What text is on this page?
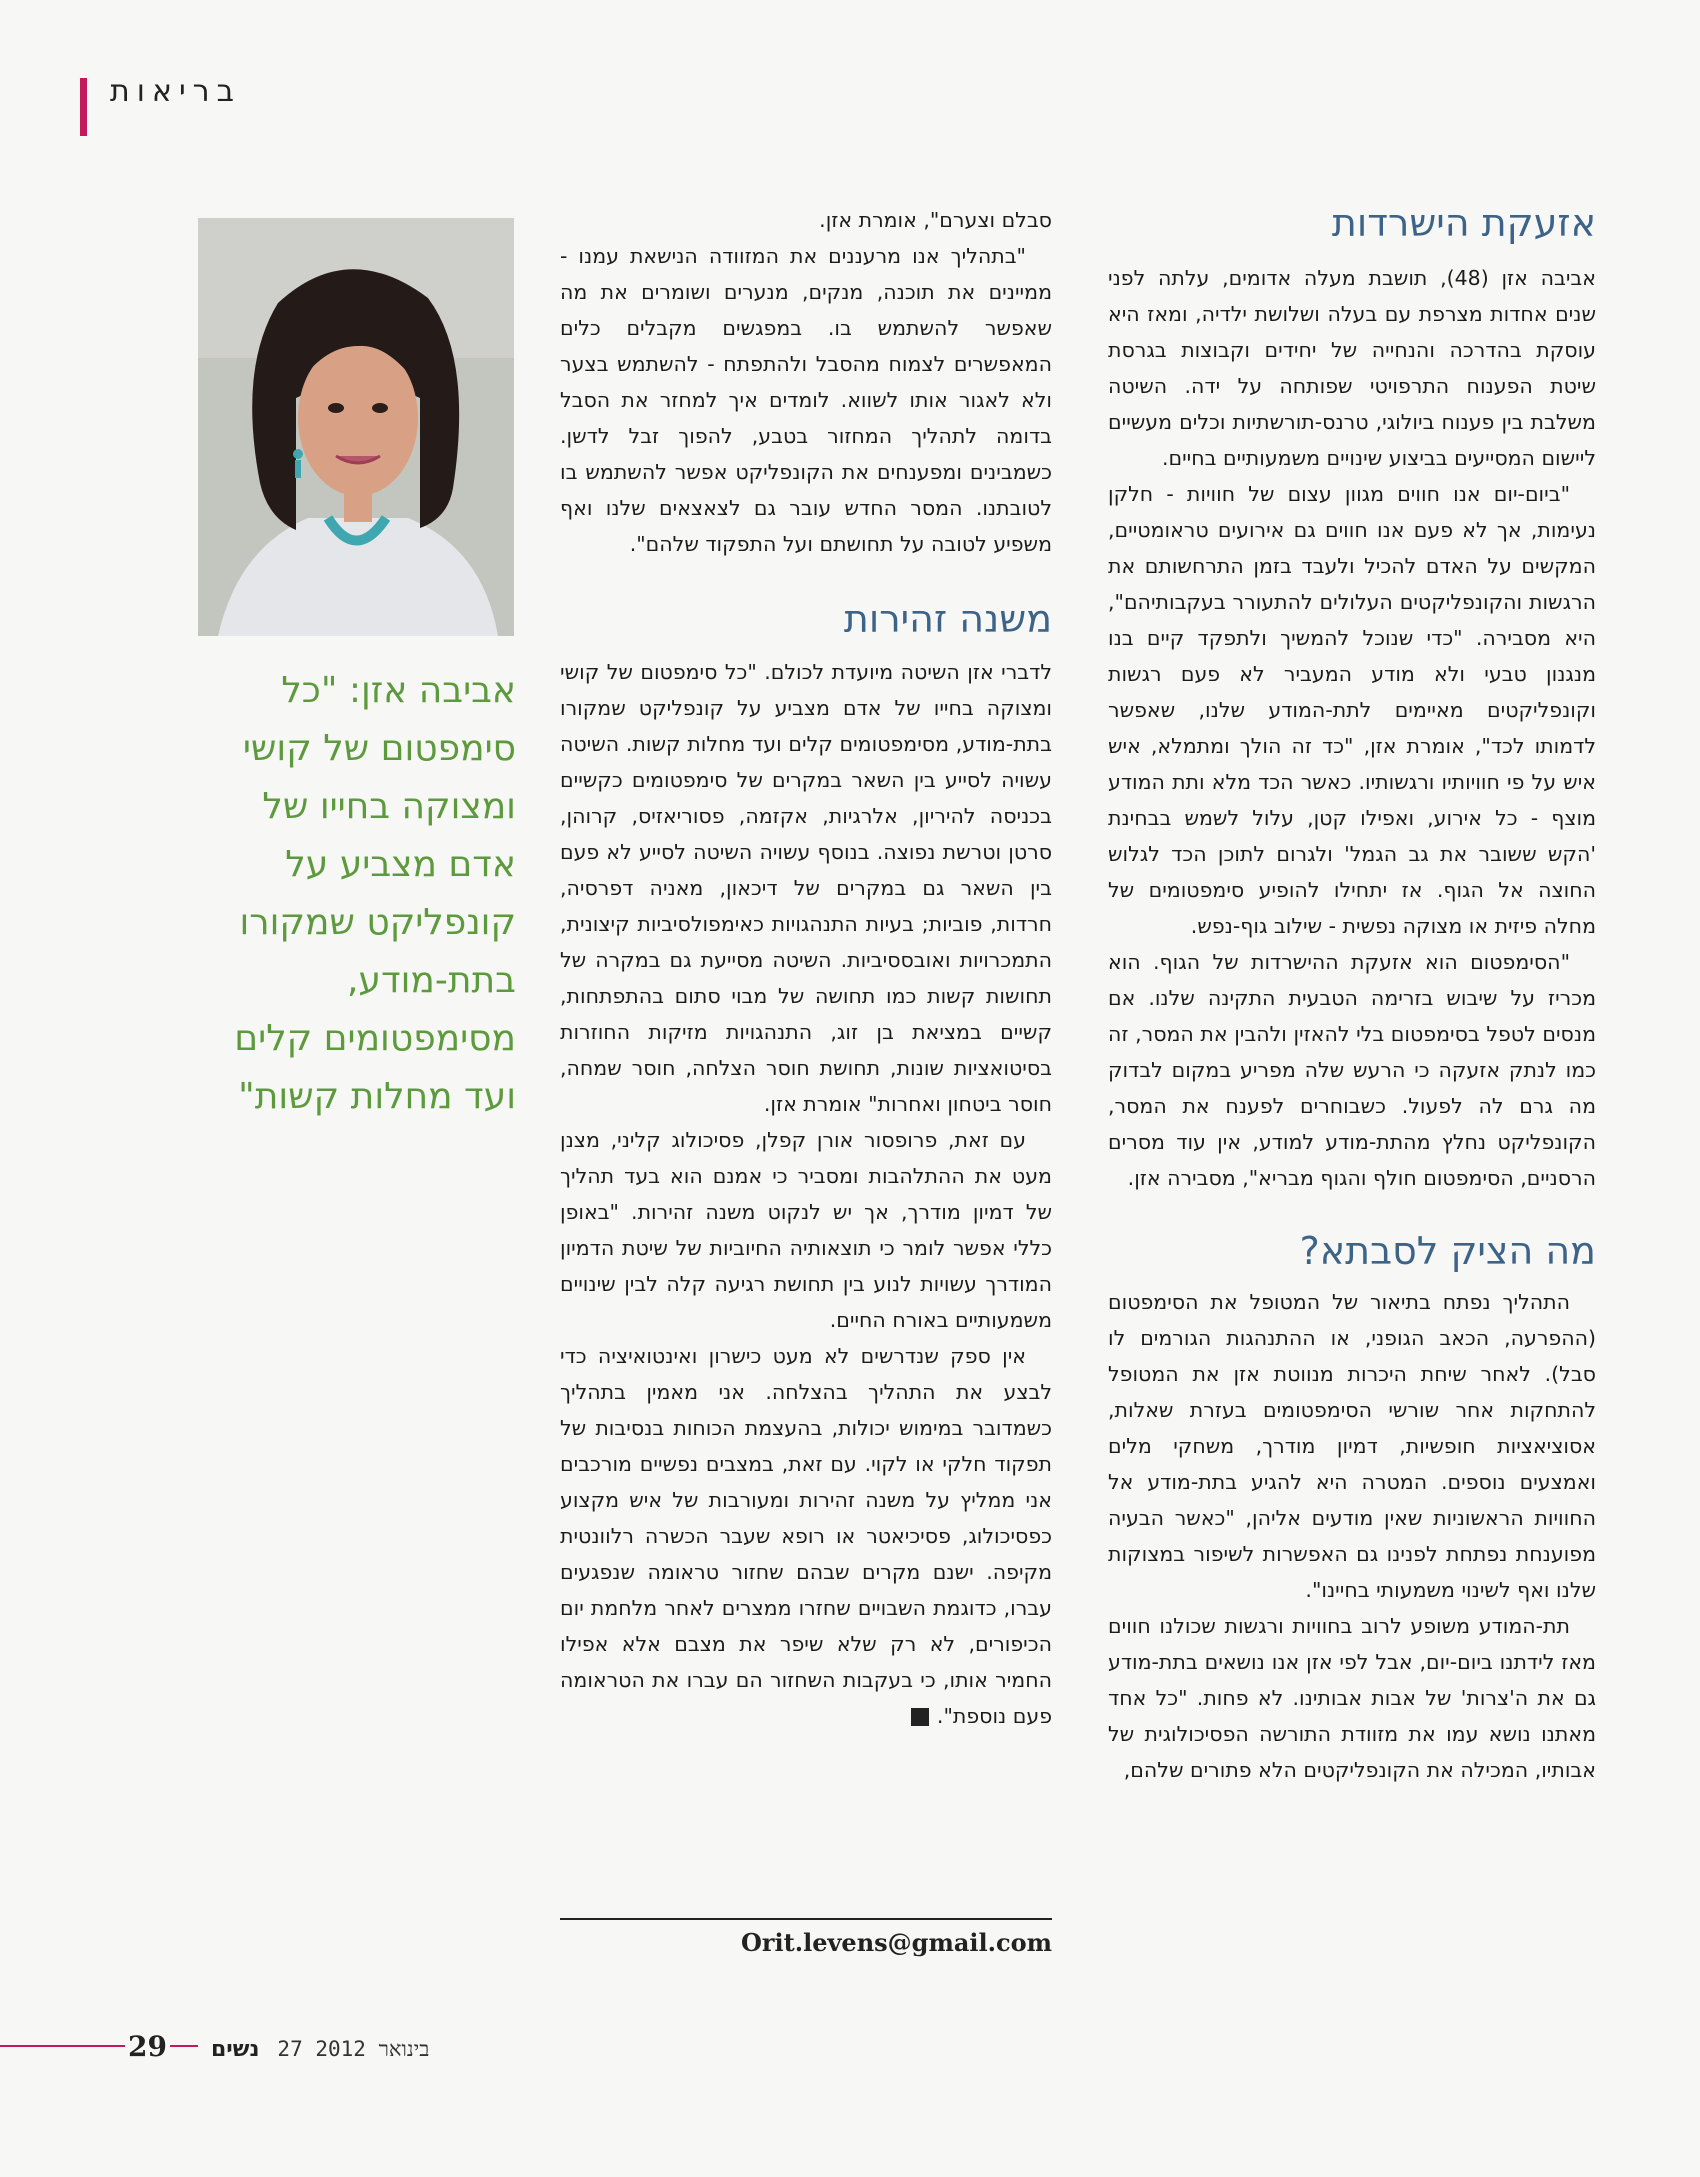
בריאות
אביבה אזן: "כל סימפטום של קושי ומצוקה בחייו של אדם מצביע על קונפליקט שמקורו בתת-מודע, מסימפטומים קלים ועד מחלות קשות"
אזעקת הישרדות

אביבה אזן (48), תושבת מעלה אדומים, עלתה לפני שנים אחדות מצרפת עם בעלה ושלושת ילדיה, ומאז היא עוסקת בהדרכה והנחייה של יחידים וקבוצות בגרסת שיטת הפענוח התרפויטי שפותחה על ידה. השיטה משלבת בין פענוח ביולוגי, טרנס-תורשתיות וכלים מעשיים ליישום המסייעים בביצוע שינויים משמעותיים בחיים.

"ביום-יום אנו חווים מגוון עצום של חוויות - חלקן נעימות, אך לא פעם אנו חווים גם אירועים טראומטיים, המקשים על האדם להכיל ולעבד בזמן התרחשותם את הרגשות והקונפליקטים העלולים להתעורר בעקבותיהם", היא מסבירה. "כדי שנוכל להמשיך ולתפקד קיים בנו מנגנון טבעי ולא מודע המעביר לא פעם רגשות וקונפליקטים מאיימים לתת-המודע שלנו, שאפשר לדמותו לכד", אומרת אזן, "כד זה הולך ומתמלא, איש איש על פי חוויותיו ורגשותיו. כאשר הכד מלא ותת המודע מוצף - כל אירוע, ואפילו קטן, עלול לשמש בבחינת 'הקש ששובר את גב הגמל' ולגרום לתוכן הכד לגלוש החוצה אל הגוף. אז יתחילו להופיע סימפטומים של מחלה פיזית או מצוקה נפשית - שילוב גוף-נפש.

"הסימפטום הוא אזעקת ההישרדות של הגוף. הוא מכריז על שיבוש בזרימה הטבעית התקינה שלנו. אם מנסים לטפל בסימפטום בלי להאזין ולהבין את המסר, זה כמו לנתק אזעקה כי הרעש שלה מפריע במקום לבדוק מה גרם לה לפעול. כשבוחרים לפענח את המסר, הקונפליקט נחלץ מהתת-מודע למודע, אין עוד מסרים הרסניים, הסימפטום חולף והגוף מבריא", מסבירה אזן.

מה הציק לסבתא?

התהליך נפתח בתיאור של המטופל את הסימפטום (ההפרעה, הכאב הגופני, או ההתנהגות הגורמים לו סבל). לאחר שיחת היכרות מנווטת אזן את המטופל להתחקות אחר שורשי הסימפטומים בעזרת שאלות, אסוציאציות חופשיות, דמיון מודרך, משחקי מלים ואמצעים נוספים. המטרה היא להגיע בתת-מודע אל החוויות הראשוניות שאין מודעים אליהן, "כאשר הבעיה מפוענחת נפתחת לפנינו גם האפשרות לשיפור במצוקות שלנו ואף לשינוי משמעותי בחיינו".

תת-המודע משופע לרוב בחוויות ורגשות שכולנו חווים מאז לידתנו ביום-יום, אבל לפי אזן אנו נושאים בתת-מודע גם את ה'צרות' של אבות אבותינו. לא פחות. "כל אחד מאתנו נושא עמו את מזוודת התורשה הפסיכולוגית של אבותיו, המכילה את הקונפליקטים הלא פתורים שלהם,

סבלם וצערם", אומרת אזן.

"בתהליך אנו מרעננים את המזוודה הנישאת עמנו - ממיינים את תוכנה, מנקים, מנערים ושומרים את מה שאפשר להשתמש בו. במפגשים מקבלים כלים המאפשרים לצמוח מהסבל ולהתפתח - להשתמש בצער ולא לאגור אותו לשווא. לומדים איך למחזר את הסבל בדומה לתהליך המחזור בטבע, להפוך זבל לדשן. כשמבינים ומפענחים את הקונפליקט אפשר להשתמש בו לטובתנו. המסר החדש עובר גם לצאצאים שלנו ואף משפיע לטובה על תחושתם ועל התפקוד שלהם".

משנה זהירות

לדברי אזן השיטה מיועדת לכולם. "כל סימפטום של קושי ומצוקה בחייו של אדם מצביע על קונפליקט שמקורו בתת-מודע, מסימפטומים קלים ועד מחלות קשות. השיטה עשויה לסייע בין השאר במקרים של סימפטומים כקשיים בכניסה להיריון, אלרגיות, אקזמה, פסוריאזיס, קרוהן, סרטן וטרשת נפוצה. בנוסף עשויה השיטה לסייע לא פעם בין השאר גם במקרים של דיכאון, מאניה דפרסיה, חרדות, פוביות; בעיות התנהגויות כאימפולסיביות קיצונית, התמכרויות ואובססיביות. השיטה מסייעת גם במקרה של תחושות קשות כמו תחושה של מבוי סתום בהתפתחות, קשיים במציאת בן זוג, התנהגויות מזיקות החוזרות בסיטואציות שונות, תחושת חוסר הצלחה, חוסר שמחה, חוסר ביטחון ואחרות" אומרת אזן.

עם זאת, פרופסור אורן קפלן, פסיכולוג קליני, מצנן מעט את ההתלהבות ומסביר כי אמנם הוא בעד תהליך של דמיון מודרך, אך יש לנקוט משנה זהירות. "באופן כללי אפשר לומר כי תוצאותיה החיוביות של שיטת הדמיון המודרך עשויות לנוע בין תחושת רגיעה קלה לבין שינויים משמעותיים באורח החיים.

אין ספק שנדרשים לא מעט כישרון ואינטואיציה כדי לבצע את התהליך בהצלחה. אני מאמין בתהליך כשמדובר במימוש יכולות, בהעצמת הכוחות בנסיבות של תפקוד חלקי או לקוי. עם זאת, במצבים נפשיים מורכבים אני ממליץ על משנה זהירות ומעורבות של איש מקצוע כפסיכולוג, פסיכיאטר או רופא שעבר הכשרה רלוונטית מקיפה. ישנם מקרים שבהם שחזור טראומה שנפגעים עברו, כדוגמת השבויים שחזרו ממצרים לאחר מלחמת יום הכיפורים, לא רק שלא שיפר את מצבם אלא אפילו החמיר אותו, כי בעקבות השחזור הם עברו את הטראומה פעם נוספת".

Orit.levens@gmail.com
29 נשים 27 בינואר 2012
